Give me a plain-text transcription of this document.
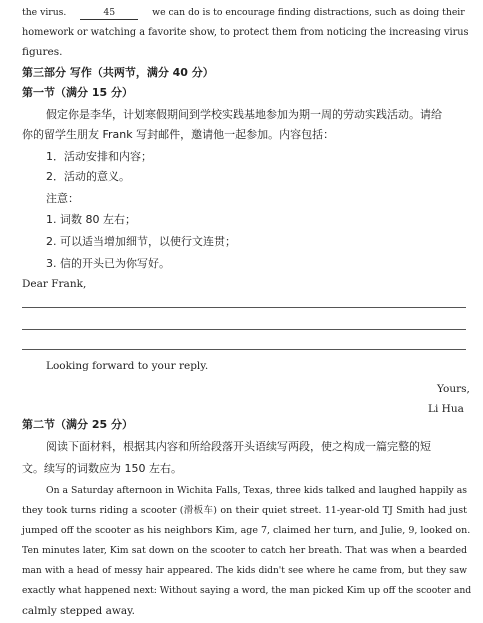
the virus.	45	we can do is to encourage finding distractions, such as doing their
homework or watching a favorite show, to protect them from noticing the increasing virus
figures.
第三部分 写作（共两节，满分 40 分）
第一节（满分 15 分）
假定你是李华，计划寒假期间到学校实践基地参加为期一周的劳动实践活动。请给
你的留学生朋友 Frank 写封邮件，邀请他一起参加。内容包括：
1．活动安排和内容；
2．活动的意义。
注意：
1. 词数 80 左右；
2. 可以适当增加细节，以使行文连贯；
3. 信的开头已为你写好。
Dear Frank,
Looking forward to your reply.
Yours,
Li Hua
第二节（满分 25 分）
阅读下面材料，根据其内容和所给段落开头语续写两段，使之构成一篇完整的短
文。续写的词数应为 150 左右。
On a Saturday afternoon in Wichita Falls, Texas, three kids talked and laughed happily as
they took turns riding a scooter (滑板车) on their quiet street. 11-year-old TJ Smith had just
jumped off the scooter as his neighbors Kim, age 7, claimed her turn, and Julie, 9, looked on.
Ten minutes later, Kim sat down on the scooter to catch her breath. That was when a bearded
man with a head of messy hair appeared. The kids didn't see where he came from, but they saw
exactly what happened next: Without saying a word, the man picked Kim up off the scooter and
calmly stepped away.
